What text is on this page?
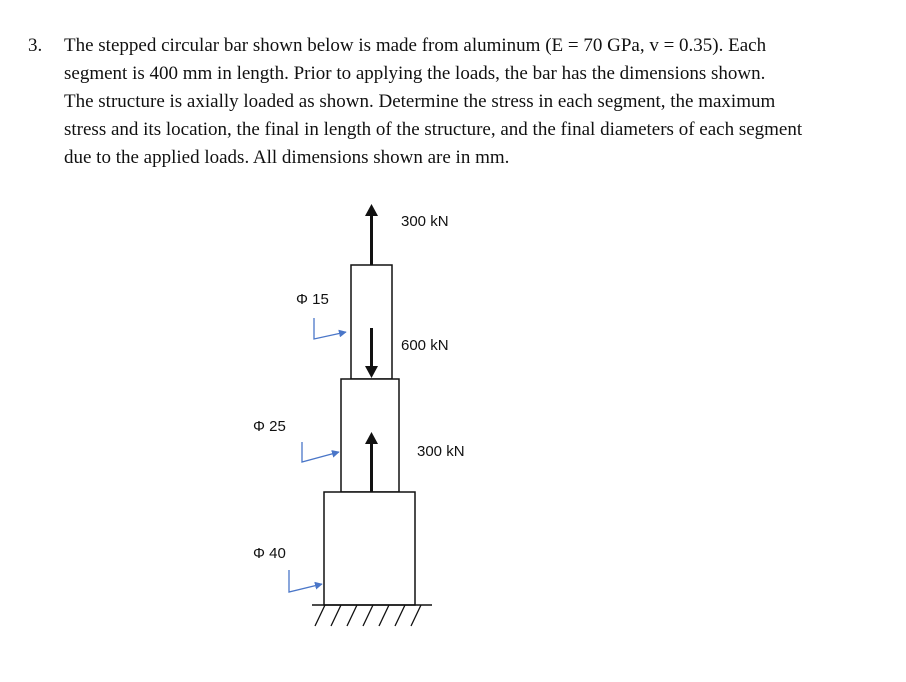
3. The stepped circular bar shown below is made from aluminum (E = 70 GPa, v = 0.35). Each
segment is 400 mm in length. Prior to applying the loads, the bar has the dimensions shown.
The structure is axially loaded as shown. Determine the stress in each segment, the maximum
stress and its location, the final in length of the structure, and the final diameters of each segment
due to the applied loads. All dimensions shown are in mm.
300 kN
600 kN
300 kN
Φ 15
Φ 25
Φ 40
